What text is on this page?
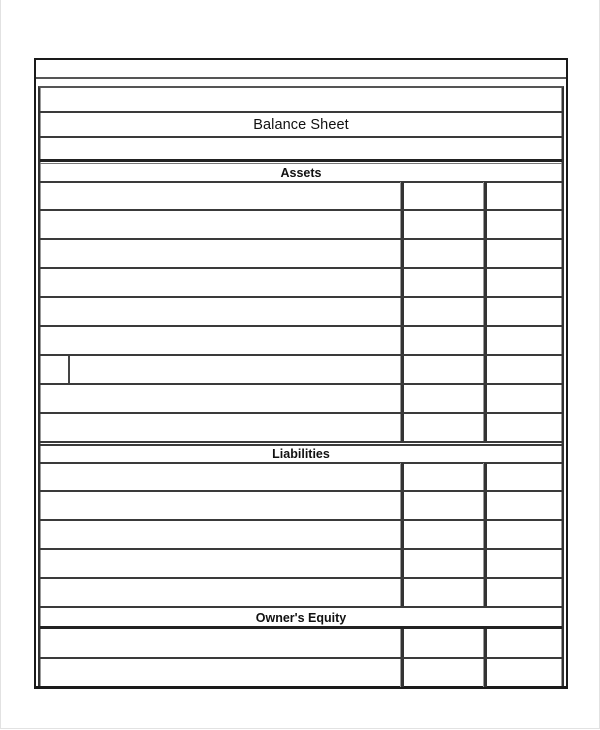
Balance Sheet
Assets
Liabilities
Owner's Equity
